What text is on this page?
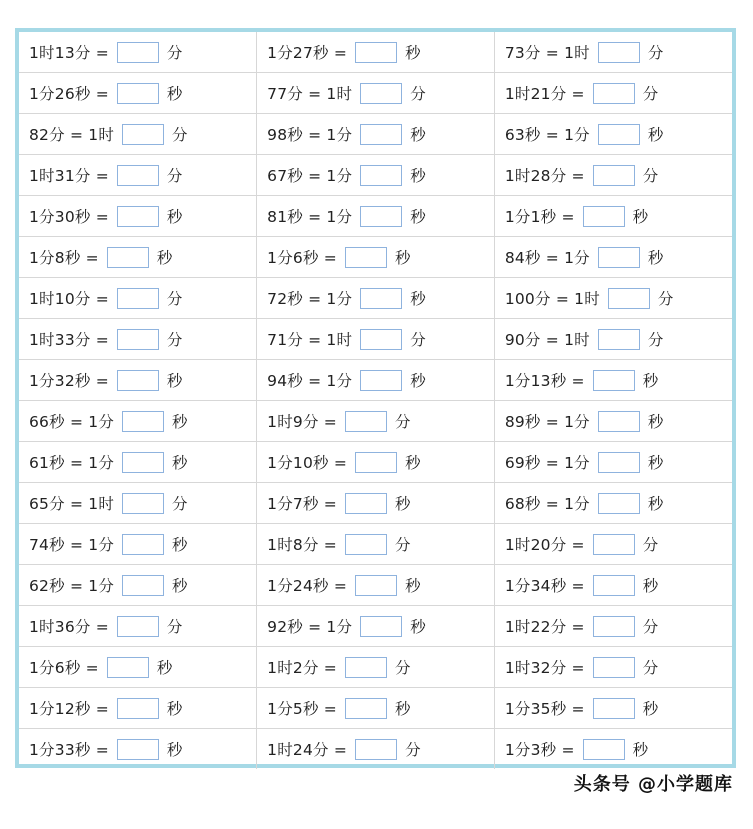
1时13分 = 分	1分27秒 = 秒	73分 = 1时 分
1分26秒 = 秒	77分 = 1时 分	1时21分 = 分
82分 = 1时 分	98秒 = 1分 秒	63秒 = 1分 秒
1时31分 = 分	67秒 = 1分 秒	1时28分 = 分
1分30秒 = 秒	81秒 = 1分 秒	1分1秒 = 秒
1分8秒 = 秒	1分6秒 = 秒	84秒 = 1分 秒
1时10分 = 分	72秒 = 1分 秒	100分 = 1时 分
1时33分 = 分	71分 = 1时 分	90分 = 1时 分
1分32秒 = 秒	94秒 = 1分 秒	1分13秒 = 秒
66秒 = 1分 秒	1时9分 = 分	89秒 = 1分 秒
61秒 = 1分 秒	1分10秒 = 秒	69秒 = 1分 秒
65分 = 1时 分	1分7秒 = 秒	68秒 = 1分 秒
74秒 = 1分 秒	1时8分 = 分	1时20分 = 分
62秒 = 1分 秒	1分24秒 = 秒	1分34秒 = 秒
1时36分 = 分	92秒 = 1分 秒	1时22分 = 分
1分6秒 = 秒	1时2分 = 分	1时32分 = 分
1分12秒 = 秒	1分5秒 = 秒	1分35秒 = 秒
1分33秒 = 秒	1时24分 = 分	1分3秒 = 秒
头条号 @小学题库
